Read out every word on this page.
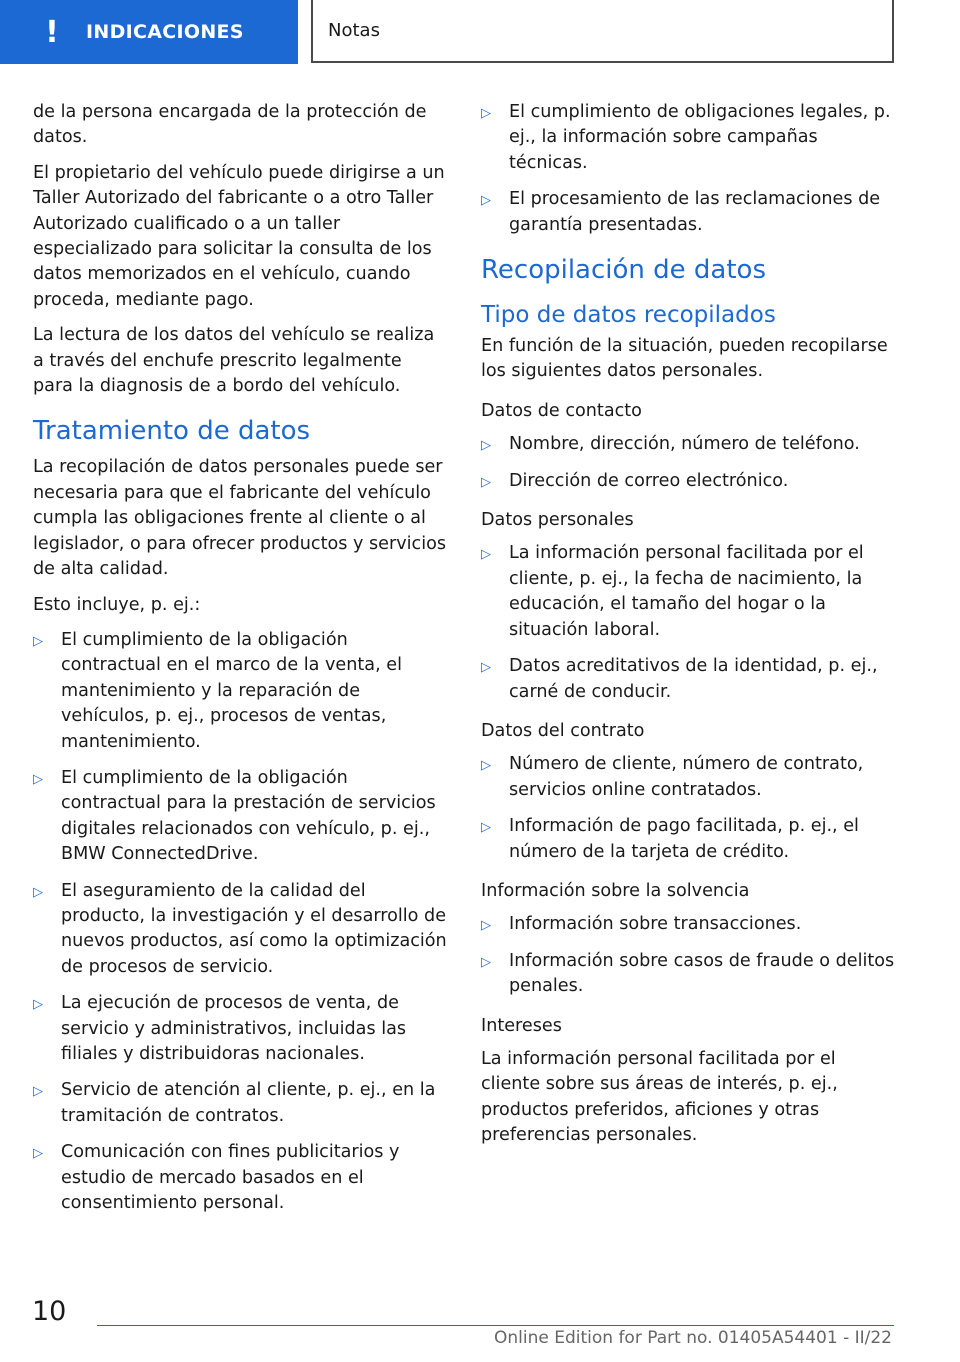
!	INDICACIONES	Notas

de la persona encargada de la protección de datos.

El propietario del vehículo puede dirigirse a un Taller Autorizado del fabricante o a otro Taller Autorizado cualificado o a un taller especializado para solicitar la consulta de los datos memorizados en el vehículo, cuando proceda, mediante pago.

La lectura de los datos del vehículo se realiza a través del enchufe prescrito legalmente para la diagnosis de a bordo del vehículo.

Tratamiento de datos

La recopilación de datos personales puede ser necesaria para que el fabricante del vehículo cumpla las obligaciones frente al cliente o al legislador, o para ofrecer productos y servicios de alta calidad.

Esto incluye, p. ej.:

▷ El cumplimiento de la obligación contractual en el marco de la venta, el mantenimiento y la reparación de vehículos, p. ej., procesos de ventas, mantenimiento.
▷ El cumplimiento de la obligación contractual para la prestación de servicios digitales relacionados con vehículo, p. ej., BMW ConnectedDrive.
▷ El aseguramiento de la calidad del producto, la investigación y el desarrollo de nuevos productos, así como la optimización de procesos de servicio.
▷ La ejecución de procesos de venta, de servicio y administrativos, incluidas las filiales y distribuidoras nacionales.
▷ Servicio de atención al cliente, p. ej., en la tramitación de contratos.
▷ Comunicación con fines publicitarios y estudio de mercado basados en el consentimiento personal.
▷ El cumplimiento de obligaciones legales, p. ej., la información sobre campañas técnicas.
▷ El procesamiento de las reclamaciones de garantía presentadas.
Recopilación de datos
Tipo de datos recopilados

En función de la situación, pueden recopilarse los siguientes datos personales.

Datos de contacto
▷ Nombre, dirección, número de teléfono.
▷ Dirección de correo electrónico.
Datos personales
▷ La información personal facilitada por el cliente, p. ej., la fecha de nacimiento, la educación, el tamaño del hogar o la situación laboral.
▷ Datos acreditativos de la identidad, p. ej., carné de conducir.
Datos del contrato
▷ Número de cliente, número de contrato, servicios online contratados.
▷ Información de pago facilitada, p. ej., el número de la tarjeta de crédito.
Información sobre la solvencia
▷ Información sobre transacciones.
▷ Información sobre casos de fraude o delitos penales.
Intereses

La información personal facilitada por el cliente sobre sus áreas de interés, p. ej., productos preferidos, aficiones y otras preferencias personales.

10
Online Edition for Part no. 01405A54401 - II/22
